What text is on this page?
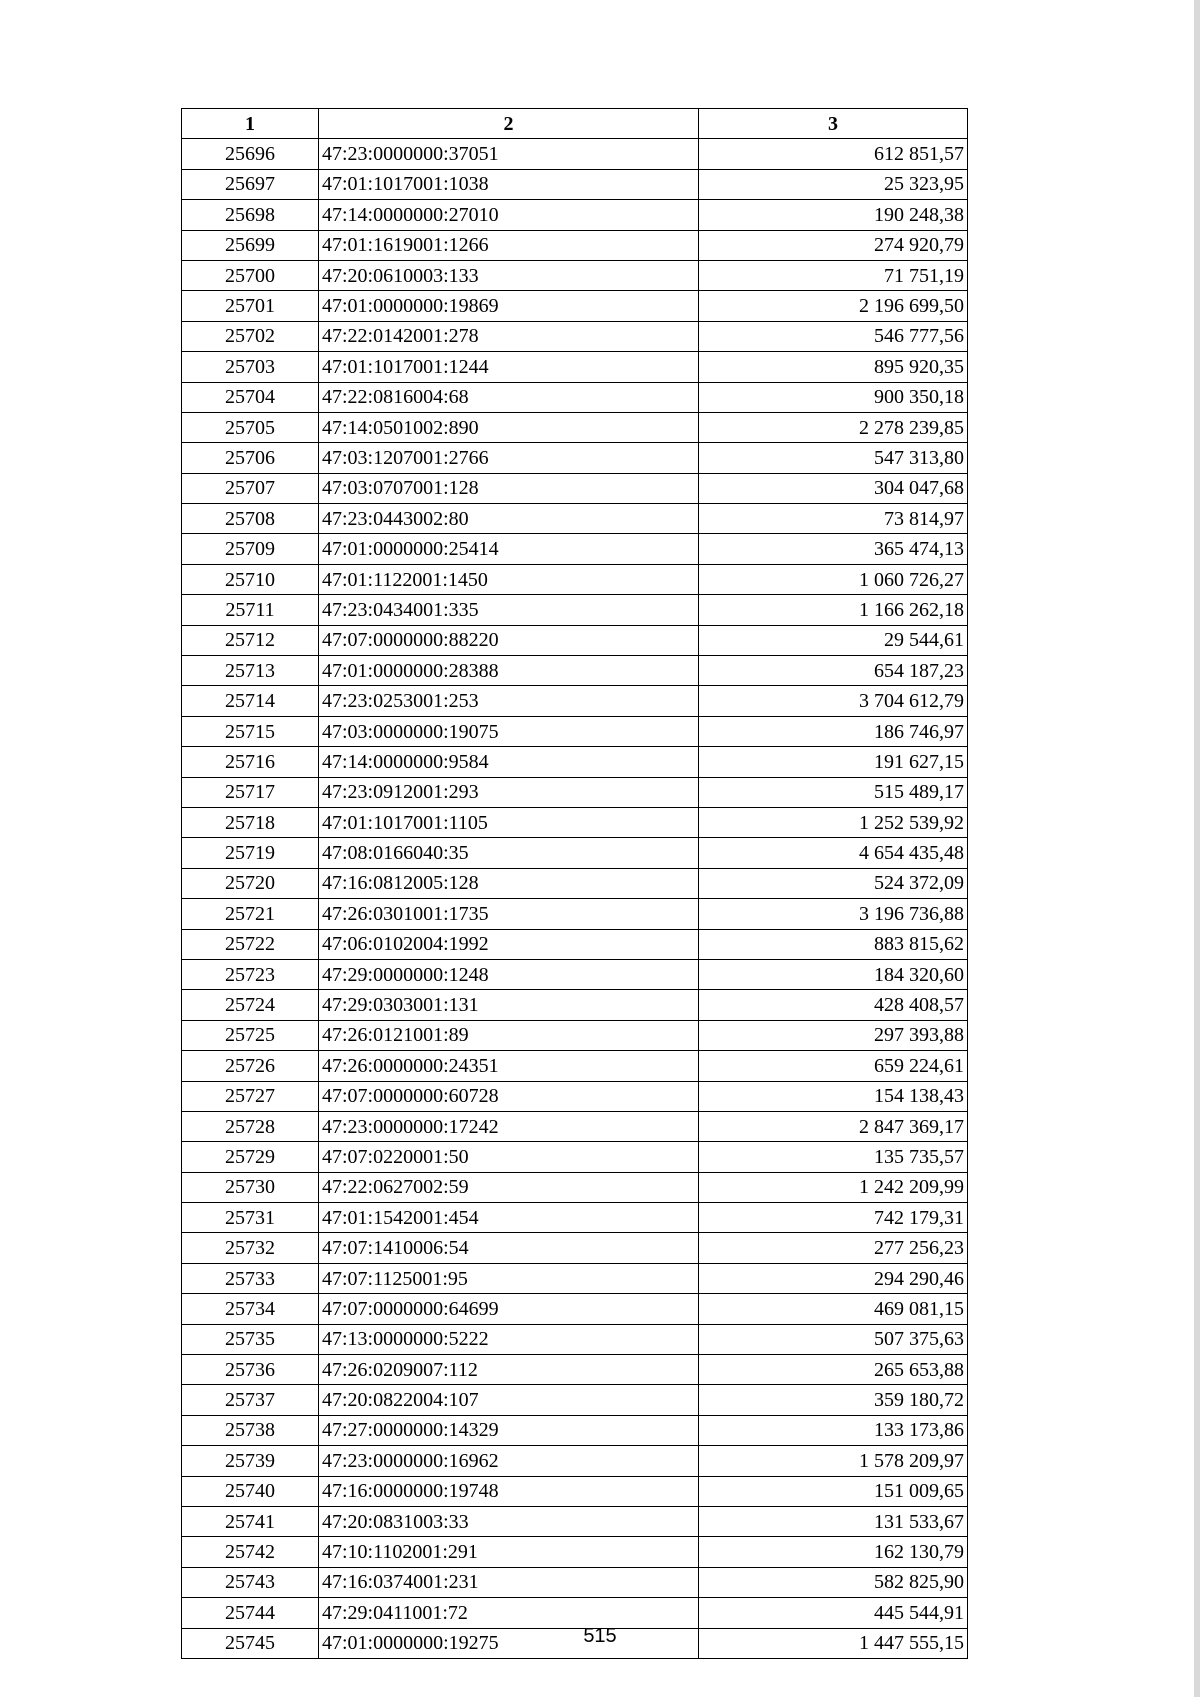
1	2	3
25696	47:23:0000000:37051	612 851,57
25697	47:01:1017001:1038	25 323,95
25698	47:14:0000000:27010	190 248,38
25699	47:01:1619001:1266	274 920,79
25700	47:20:0610003:133	71 751,19
25701	47:01:0000000:19869	2 196 699,50
25702	47:22:0142001:278	546 777,56
25703	47:01:1017001:1244	895 920,35
25704	47:22:0816004:68	900 350,18
25705	47:14:0501002:890	2 278 239,85
25706	47:03:1207001:2766	547 313,80
25707	47:03:0707001:128	304 047,68
25708	47:23:0443002:80	73 814,97
25709	47:01:0000000:25414	365 474,13
25710	47:01:1122001:1450	1 060 726,27
25711	47:23:0434001:335	1 166 262,18
25712	47:07:0000000:88220	29 544,61
25713	47:01:0000000:28388	654 187,23
25714	47:23:0253001:253	3 704 612,79
25715	47:03:0000000:19075	186 746,97
25716	47:14:0000000:9584	191 627,15
25717	47:23:0912001:293	515 489,17
25718	47:01:1017001:1105	1 252 539,92
25719	47:08:0166040:35	4 654 435,48
25720	47:16:0812005:128	524 372,09
25721	47:26:0301001:1735	3 196 736,88
25722	47:06:0102004:1992	883 815,62
25723	47:29:0000000:1248	184 320,60
25724	47:29:0303001:131	428 408,57
25725	47:26:0121001:89	297 393,88
25726	47:26:0000000:24351	659 224,61
25727	47:07:0000000:60728	154 138,43
25728	47:23:0000000:17242	2 847 369,17
25729	47:07:0220001:50	135 735,57
25730	47:22:0627002:59	1 242 209,99
25731	47:01:1542001:454	742 179,31
25732	47:07:1410006:54	277 256,23
25733	47:07:1125001:95	294 290,46
25734	47:07:0000000:64699	469 081,15
25735	47:13:0000000:5222	507 375,63
25736	47:26:0209007:112	265 653,88
25737	47:20:0822004:107	359 180,72
25738	47:27:0000000:14329	133 173,86
25739	47:23:0000000:16962	1 578 209,97
25740	47:16:0000000:19748	151 009,65
25741	47:20:0831003:33	131 533,67
25742	47:10:1102001:291	162 130,79
25743	47:16:0374001:231	582 825,90
25744	47:29:0411001:72	445 544,91
25745	47:01:0000000:19275	1 447 555,15
515
